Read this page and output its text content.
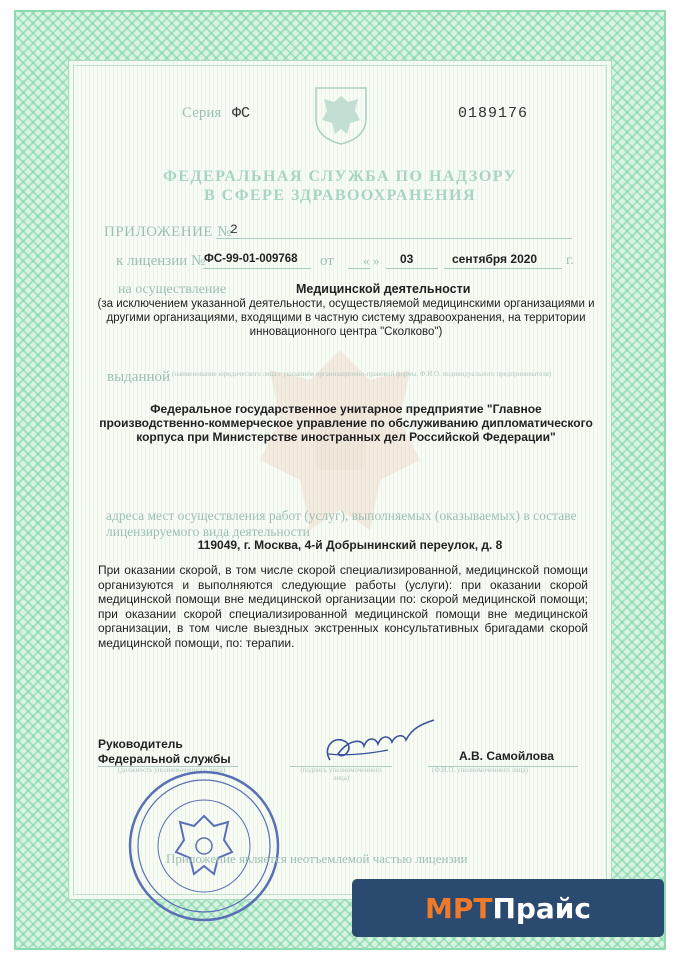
Серия ФС	0189176
ФЕДЕРАЛЬНАЯ СЛУЖБА ПО НАДЗОРУ
В СФЕРЕ ЗДРАВООХРАНЕНИЯ
ПРИЛОЖЕНИЕ №
2
к лицензии №
ФС-99-01-009768 от « » 03	сентября 2020 г.
на осуществление	Медицинской деятельности
(за исключением указанной деятельности, осуществляемой медицинскими организациями и другими организациями, входящими в частную систему здравоохранения, на территории инновационного центра "Сколково")
выданной (наименование юридического лица с указанием организационно-правовой формы, Ф.И.О. индивидуального предпринимателя)
Федеральное государственное унитарное предприятие "Главное производственно-коммерческое управление по обслуживанию дипломатического корпуса при Министерстве иностранных дел Российской Федерации"
адреса мест осуществления работ (услуг), выполняемых (оказываемых) в составе лицензируемого вида деятельности
119049, г. Москва, 4-й Добрынинский переулок, д. 8
При оказании скорой, в том числе скорой специализированной, медицинской помощи организуются и выполняются следующие работы (услуги): при оказании скорой медицинской помощи вне медицинской организации по: скорой медицинской помощи; при оказании скорой специализированной медицинской помощи вне медицинской организации, в том числе выездных экстренных консультативных бригадами скорой медицинской помощи, по: терапии.
Руководитель
Федеральной службы
(должность уполномоченного лица)	(подпись уполномоченного лица)
А.В. Самойлова
(Ф.И.О. уполномоченного лица)
Приложение является неотъемлемой частью лицензии
МРТ Прайс
